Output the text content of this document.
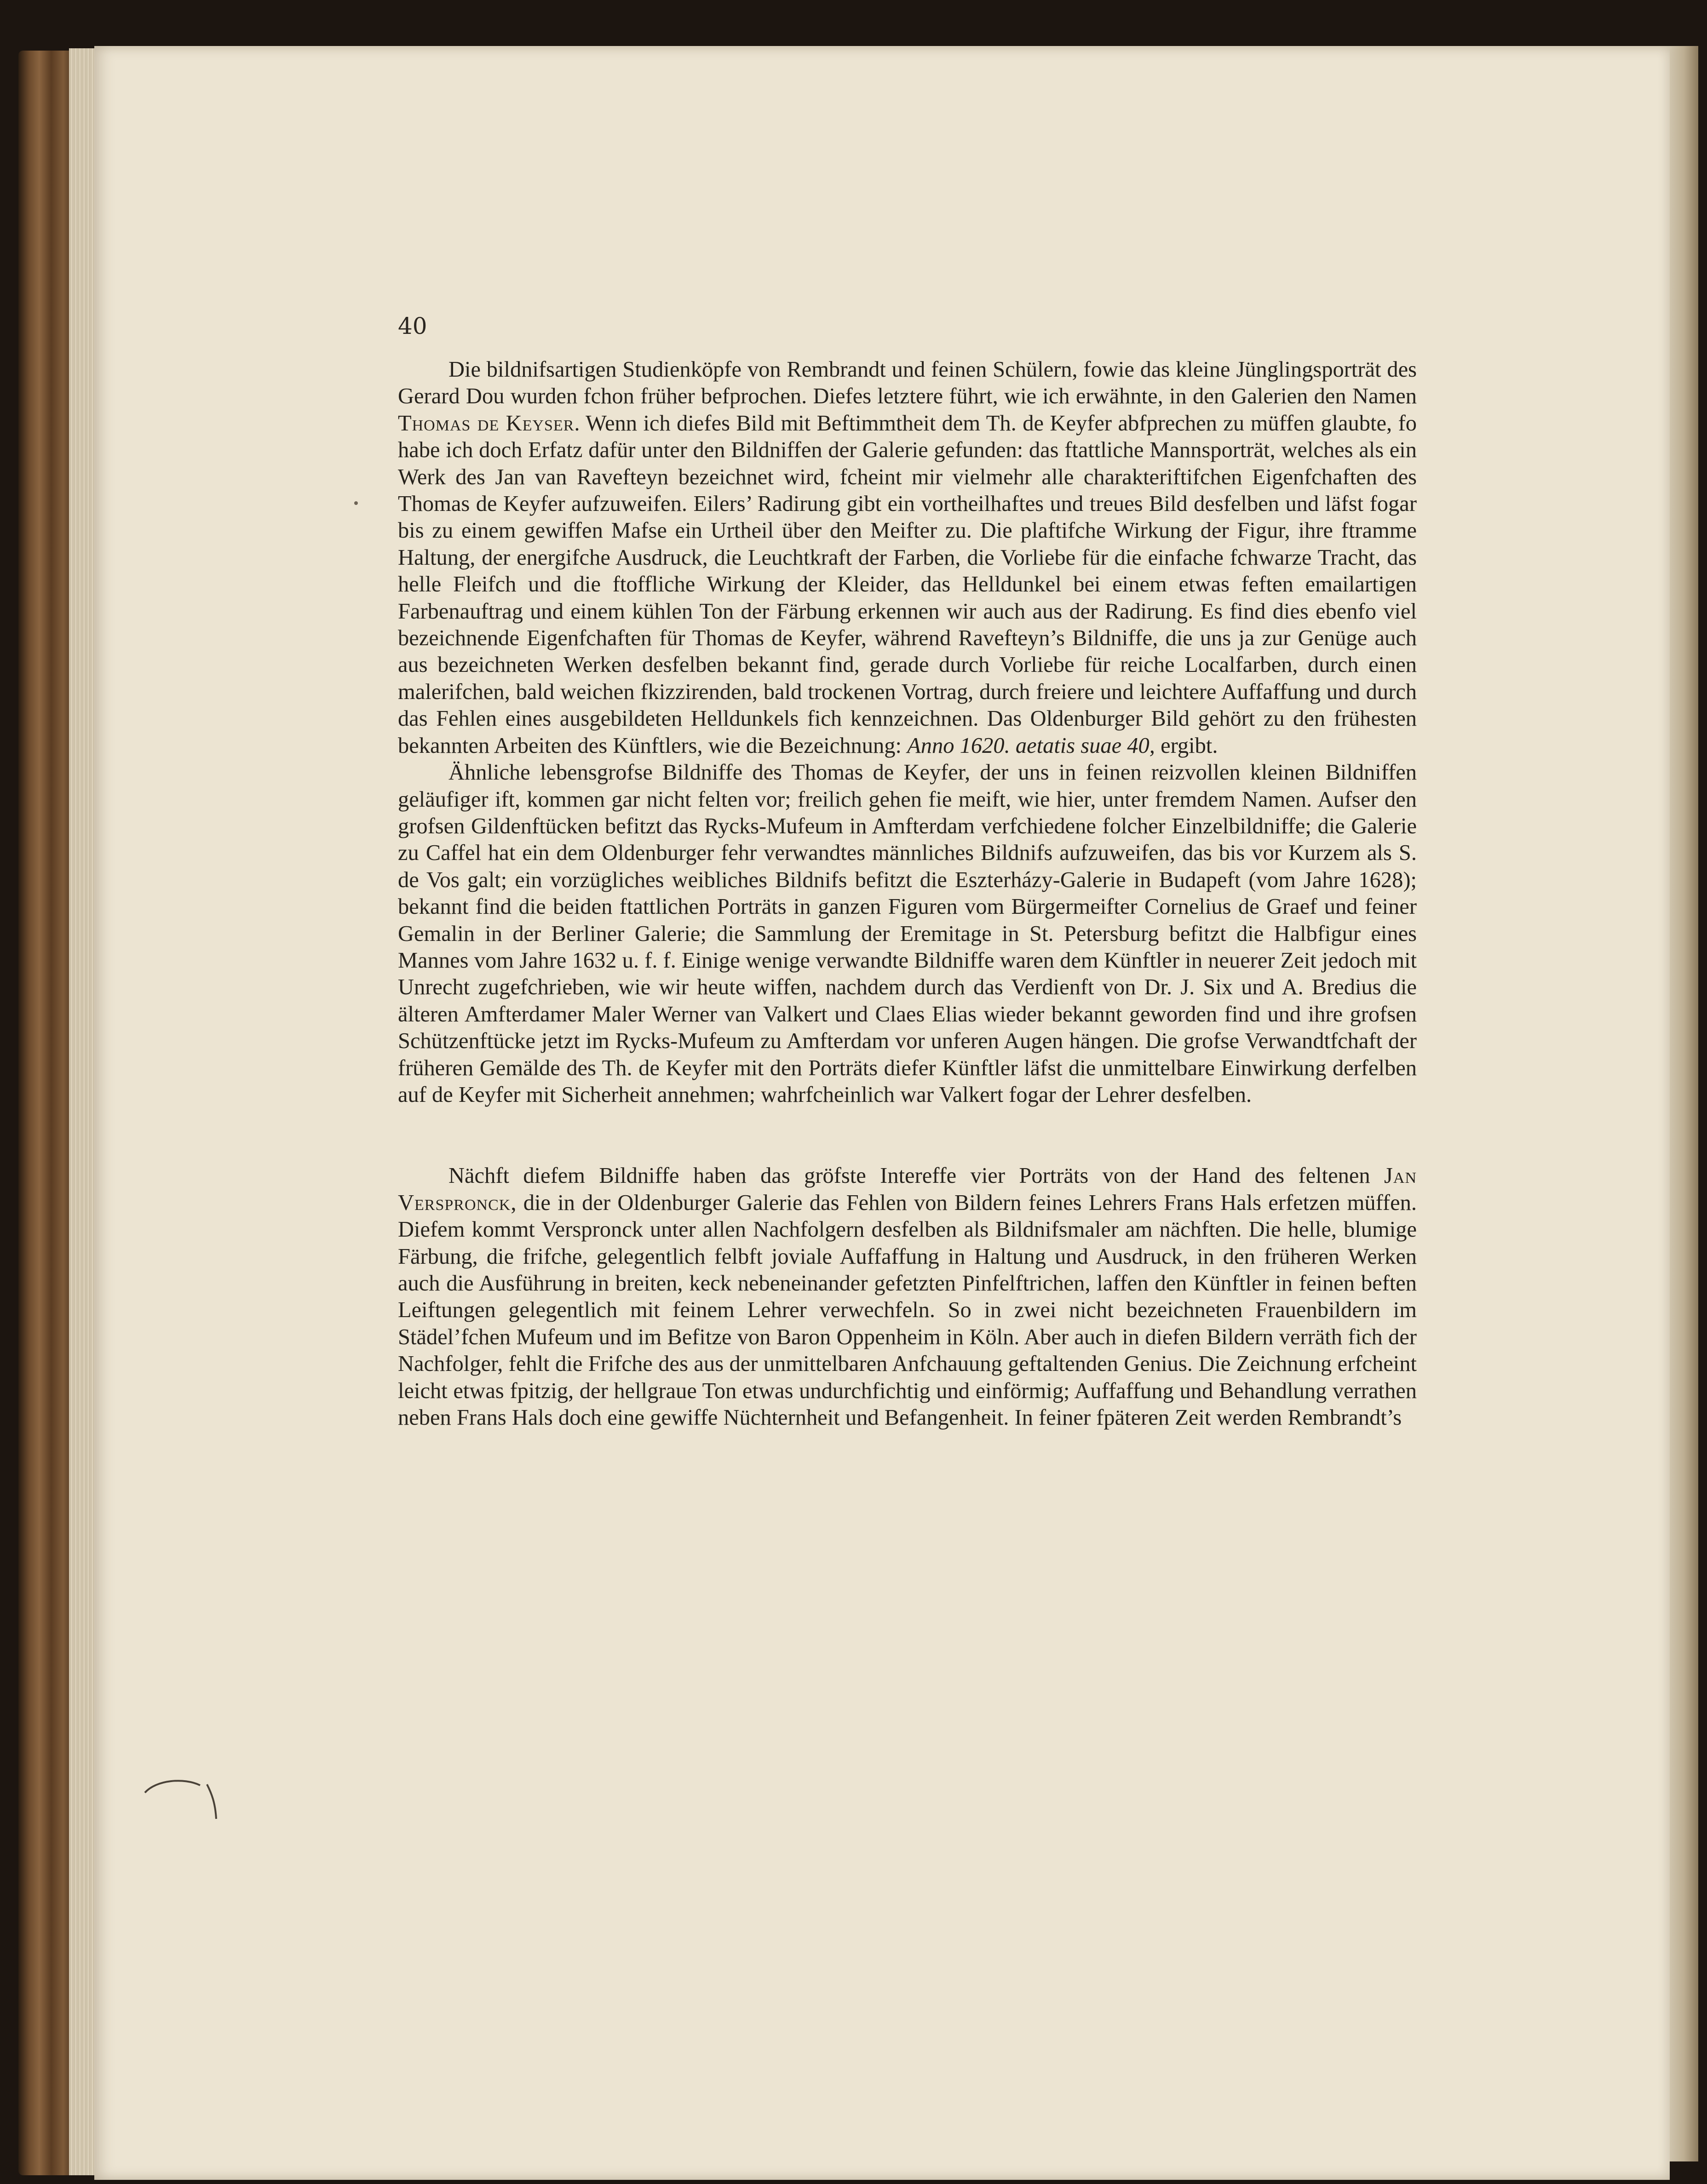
40

Die bildnifsartigen Studienköpfe von Rembrandt und feinen Schülern, fowie das kleine Jünglingsporträt des Gerard Dou wurden fchon früher befprochen. Diefes letztere führt, wie ich erwähnte, in den Galerien den Namen Thomas de Keyser. Wenn ich diefes Bild mit Beftimmtheit dem Th. de Keyfer abfprechen zu müffen glaubte, fo habe ich doch Erfatz dafür unter den Bildniffen der Galerie gefunden: das ftattliche Mannsporträt, welches als ein Werk des Jan van Ravefteyn bezeichnet wird, fcheint mir vielmehr alle charakteriftifchen Eigenfchaften des Thomas de Keyfer aufzuweifen. Eilers’ Radirung gibt ein vortheilhaftes und treues Bild desfelben und läfst fogar bis zu einem gewiffen Mafse ein Urtheil über den Meifter zu. Die plaftifche Wirkung der Figur, ihre ftramme Haltung, der energifche Ausdruck, die Leuchtkraft der Farben, die Vorliebe für die einfache fchwarze Tracht, das helle Fleifch und die ftoffliche Wirkung der Kleider, das Helldunkel bei einem etwas feften emailartigen Farbenauftrag und einem kühlen Ton der Färbung erkennen wir auch aus der Radirung. Es find dies ebenfo viel bezeichnende Eigenfchaften für Thomas de Keyfer, während Ravefteyn’s Bildniffe, die uns ja zur Genüge auch aus bezeichneten Werken desfelben bekannt find, gerade durch Vorliebe für reiche Localfarben, durch einen malerifchen, bald weichen fkizzirenden, bald trockenen Vortrag, durch freiere und leichtere Auffaffung und durch das Fehlen eines ausgebildeten Helldunkels fich kennzeichnen. Das Oldenburger Bild gehört zu den frühesten bekannten Arbeiten des Künftlers, wie die Bezeichnung: Anno 1620. aetatis suae 40, ergibt.

Ähnliche lebensgrofse Bildniffe des Thomas de Keyfer, der uns in feinen reizvollen kleinen Bildniffen geläufiger ift, kommen gar nicht felten vor; freilich gehen fie meift, wie hier, unter fremdem Namen. Aufser den grofsen Gildenftücken befitzt das Rycks-Mufeum in Amfterdam verfchiedene folcher Einzelbildniffe; die Galerie zu Caffel hat ein dem Oldenburger fehr verwandtes männliches Bildnifs aufzuweifen, das bis vor Kurzem als S. de Vos galt; ein vorzügliches weibliches Bildnifs befitzt die Eszterházy-Galerie in Budapeft (vom Jahre 1628); bekannt find die beiden ftattlichen Porträts in ganzen Figuren vom Bürgermeifter Cornelius de Graef und feiner Gemalin in der Berliner Galerie; die Sammlung der Eremitage in St. Petersburg befitzt die Halbfigur eines Mannes vom Jahre 1632 u. f. f. Einige wenige verwandte Bildniffe waren dem Künftler in neuerer Zeit jedoch mit Unrecht zugefchrieben, wie wir heute wiffen, nachdem durch das Verdienft von Dr. J. Six und A. Bredius die älteren Amfterdamer Maler Werner van Valkert und Claes Elias wieder bekannt geworden find und ihre grofsen Schützenftücke jetzt im Rycks-Mufeum zu Amfterdam vor unferen Augen hängen. Die grofse Verwandtfchaft der früheren Gemälde des Th. de Keyfer mit den Porträts diefer Künftler läfst die unmittelbare Einwirkung derfelben auf de Keyfer mit Sicherheit annehmen; wahrfcheinlich war Valkert fogar der Lehrer desfelben.

Nächft diefem Bildniffe haben das gröfste Intereffe vier Porträts von der Hand des feltenen Jan Verspronck, die in der Oldenburger Galerie das Fehlen von Bildern feines Lehrers Frans Hals erfetzen müffen. Diefem kommt Verspronck unter allen Nachfolgern desfelben als Bildnifsmaler am nächften. Die helle, blumige Färbung, die frifche, gelegentlich felbft joviale Auffaffung in Haltung und Ausdruck, in den früheren Werken auch die Ausführung in breiten, keck nebeneinander gefetzten Pinfelftrichen, laffen den Künftler in feinen beften Leiftungen gelegentlich mit feinem Lehrer verwechfeln. So in zwei nicht bezeichneten Frauenbildern im Städel’fchen Mufeum und im Befitze von Baron Oppenheim in Köln. Aber auch in diefen Bildern verräth fich der Nachfolger, fehlt die Frifche des aus der unmittelbaren Anfchauung geftaltenden Genius. Die Zeichnung erfcheint leicht etwas fpitzig, der hellgraue Ton etwas undurchfichtig und einförmig; Auffaffung und Behandlung verrathen neben Frans Hals doch eine gewiffe Nüchternheit und Befangenheit. In feiner fpäteren Zeit werden Rembrandt’s
